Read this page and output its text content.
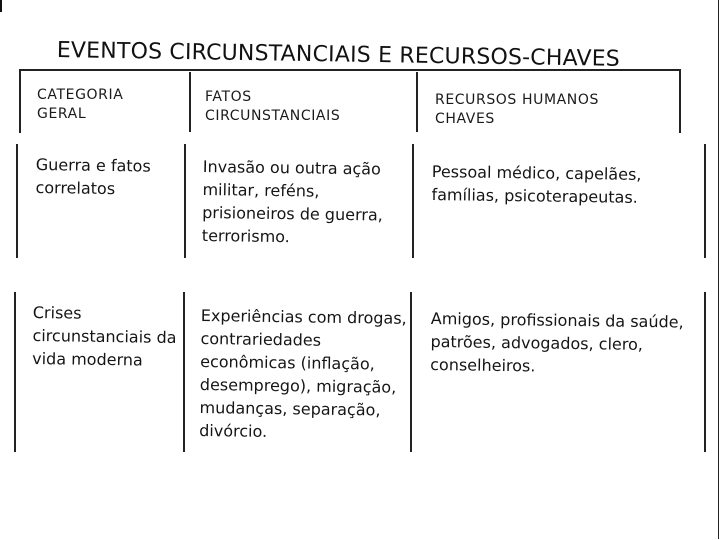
EVENTOS CIRCUNSTANCIAIS E RECURSOS-CHAVES
CATEGORIA
GERAL
FATOS
CIRCUNSTANCIAIS
RECURSOS HUMANOS
CHAVES
Guerra e fatos
correlatos
Invasão ou outra ação
militar, reféns,
prisioneiros de guerra,
terrorismo.
Pessoal médico, capelães,
famílias, psicoterapeutas.
Crises
circunstanciais da
vida moderna
Experiências com drogas,
contrariedades
econômicas (inflação,
desemprego), migração,
mudanças, separação,
divórcio.
Amigos, profissionais da saúde,
patrões, advogados, clero,
conselheiros.
